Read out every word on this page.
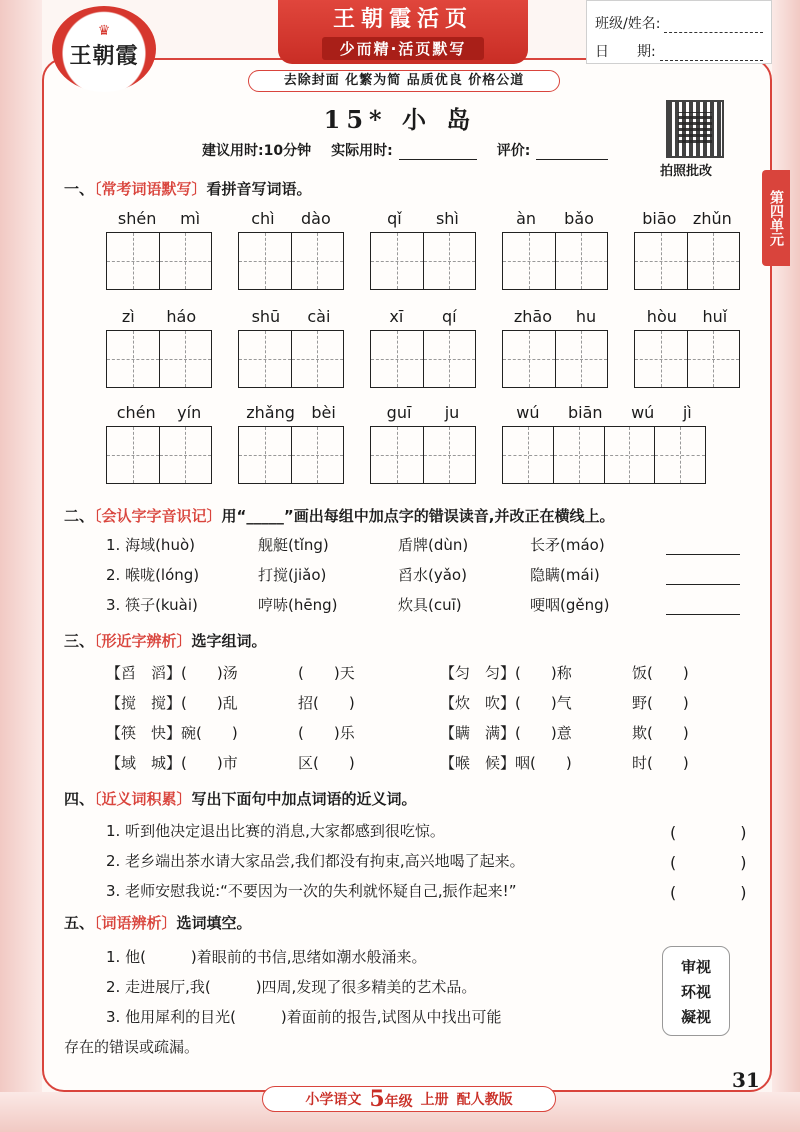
♛
王朝霞
王朝霞活页
少而精·活页默写
去除封面 化繁为简 品质优良 价格公道
班级/姓名:
日　　期:
15* 小 岛
建议用时:10分钟 实际用时:	评价:
拍照批改
第四单元
一、〔常考词语默写〕看拼音写词语。
shén mì	chì dào	qǐ shì	àn bǎo	biāo zhǔn
zì háo	shū cài	xī qí	zhāo hu	hòu huǐ
chén yín	zhǎng bèi	guī ju	wú biān wú jì
二、〔会认字字音识记〕用“_____”画出每组中加点字的错误读音,并改正在横线上。
1. 海域(huò)	舰艇(tǐng)	盾牌(dùn)	长矛(máo)
2. 喉咙(lóng)	打搅(jiǎo)	舀水(yǎo)	隐瞒(mái)
3. 筷子(kuài)	哼哧(hēng)	炊具(cuī)	哽咽(gěng)
三、〔形近字辨析〕选字组词。
【舀　滔】(　　)汤	(　　)天	【匀　匀】(　　)称	饭(　　)
【搅　搅】(　　)乱	招(　　)	【炊　吹】(　　)气	野(　　)
【筷　快】碗(　　)	(　　)乐	【瞒　满】(　　)意	欺(　　)
【域　城】(　　)市	区(　　)	【喉　候】咽(　　)	时(　　)
四、〔近义词积累〕写出下面句中加点词语的近义词。
1. 听到他决定退出比赛的消息,大家都感到很吃惊。	(　　　　)
2. 老乡端出茶水请大家品尝,我们都没有拘束,高兴地喝了起来。	(　　　　)
3. 老师安慰我说:“不要因为一次的失利就怀疑自己,振作起来!”	(　　　　)
五、〔词语辨析〕选词填空。
1. 他(　　　)着眼前的书信,思绪如潮水般涌来。
2. 走进展厅,我(　　　)四周,发现了很多精美的艺术品。
3. 他用犀利的目光(　　　)着面前的报告,试图从中找出可能
存在的错误或疏漏。
审视
环视
凝视
小学语文 5年级 上册 配人教版
31
